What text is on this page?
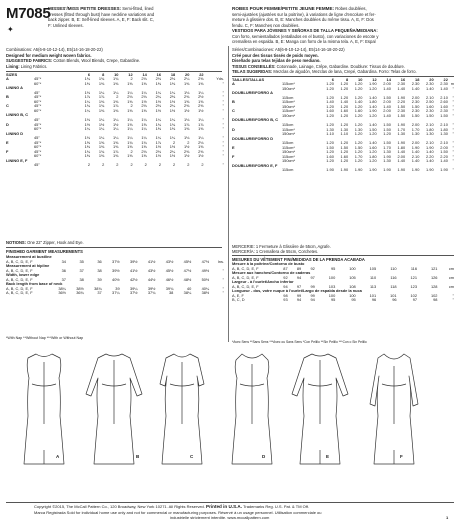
M7085
✦
MISSES'/MISS PETITE DRESSES: Semi-fitted, lined
dresses (fitted through bust) have neckline variations and
back zipper. B, E: Self-lined sleeves. A, E, F: Back slit. C,
F: Unlined sleeves.
ROBES POUR FEMME/PETITE JEUNE FEMME: Robes doublées,
semi-ajustées (ajustées sur la poitrine), à variations de ligne d'encolure et fer-
meture à glissière dos. B, E: Manches doublées du même tissu. A, E, F: Dos
fendu. C, F: Manches non doublées.
VESTIDOS PARA JÓVENES Y SEÑORAS DE TALLA PEQUEÑA/MEDIANA:
Con forro, semientallados (entallados en el busto), con variaciones de escote y
cremallera en espalda. B, E: Manga con forro de la misma tela. A, E, F: Espal
Combinations: A5(6-8-10-12-14), E5(14-16-18-20-22)
Designed for medium weight woven fabrics.
SUGGESTED FABRICS: Cotton Blends, Wool Blends, Crepe, Gabardine.
Lining: Lining Fabrics.
SIZES		6	8	10	12	14	16	18	20	22	
A	45"*	1¾	1¾	1¾	2	2⅛	2⅛	2⅛	2¼	2⅜	Yds.
	60"*	1⅜	1⅜	1⅜	1⅜	1⅜	1⅜	1⅜	1⅜	1⅜	"
LINING A											
	45"	1⅛	1¼	1¼	1¼	1¼	1¼	1¼	1⅛	1¼	"
B	45"*	1⅞	1⅞	2	2⅛	2⅛	2¼	2⅜	2⅜	2½	"
	60"*	1¼	1⅜	1⅜	1⅜	1½	1½	1½	1⅝	1⅝	"
C	45"*	1¾	1¾	1⅞	2	2⅛	2⅛	2¼	2⅜	2⅜	"
	60"*	1¼	1⅜	1⅜	1⅜	1⅜	1½	1½	1½	1½	"
LINING B, C											
	45"	1⅛	1¼	1¼	1¼	1¼	1¼	1¼	1⅛	1¼	"
D	45"*	1½	1½	1½	1⅝	1⅝	1¾	1¾	1⅞	1⅞	"
	60"*	1¼	1¼	1¼	1¼	1¼	1⅜	1⅜	1⅜	1⅜	"
LINING D											
	45"	1⅛	1¼	1¼	1¼	1¼	1¼	1¼	1⅛	1¼	"
E	45"*	1⅝	1⅝	1⅝	1¾	1¾	1⅞	2	2	2⅛	"
	60"*	1⅜	1⅜	1⅜	1⅜	1⅜	1½	1½	1½	1⅝	"
F	45"*	1¾	1¾	1⅞	2	2⅛	2⅛	2¼	2⅜	2⅜	"
	60"*	1⅜	1⅜	1⅜	1⅜	1⅜	1½	1½	1½	1½	"
LINING E, F											
	45"	2	2	2	2	2	2	2	2	2	"
NOTIONS: One 22" Zipper, Hook and Eye.
FINISHED GARMENT MEASUREMENTS
Measurement at bustline										
A, B, C, D, E, F	34	35	36	37½	39½	41½	43½	45½	47½	Ins.
Measurement at hipline										
A, B, C, D, E, F	36	37	38	39½	41½	43½	45½	47½	49½	"
Width, lower edge										
A, B, C, D, E, F	37	38	39	40½	42½	44½	46½	48½	50½	"
Back length from base of neck										
A, B, C, D, E, F	38¼	38½	38¾	39	39¼	39½	39¾	40	40¼	"
A, B, C, D, E, F	36½	36¾	37	37¼	37½	37¾	38	38¼	38½	"
*With Nap **Without Nap ***With or Without Nap
Séries/Combinaciones: A5(6-8-10-12-14), E5(14-16-18-20-22)
Créé pour des tissus tissés de poids moyen.
Diseñado para telas tejidas de peso mediano.
TISSUS CONSEILLÉS: Cotonnade, Lainage, Crêpe, Gabardine. Doublure: Tissus de doublure.
TELAS SUGERIDAS: Mezclas de algodón, Mezclas de lana, Crepé, Gabardina. Forro: Telas de forro.
TAILLES/TALLAS		6	8	10	12	14	16	18	20	22	
A	115cm*	1.20	1.20	1.20	1.90	2.00	2.30	2.30	2.30	2.30	m
	150cm*	1.20	1.20	1.20	1.20	1.40	1.40	1.40	1.40	1.40	"
DOUBLURE/FORRO A											
	115cm	1.20	1.20	1.20	1.40	1.50	1.90	2.00	2.10	2.10	"
B	115cm*	1.40	1.40	1.40	1.80	2.00	2.20	2.30	2.50	2.60	"
	150cm*	1.20	1.20	1.20	1.40	1.40	1.50	1.50	1.60	1.60	"
C	115cm*	1.60	1.60	1.60	1.90	2.00	2.30	2.30	2.30	2.30	"
	150cm*	1.20	1.20	1.20	1.20	1.40	1.50	1.50	1.50	1.50	"
DOUBLURE/FORRO B, C											
	115cm	1.20	1.20	1.20	1.40	1.50	1.90	2.00	2.10	2.10	"
D	115cm*	1.30	1.30	1.30	1.50	1.50	1.70	1.70	1.80	1.80	"
	150cm*	1.10	1.10	1.20	1.20	1.20	1.30	1.30	1.30	1.30	"
DOUBLURE/FORRO D											
	115cm	1.20	1.20	1.20	1.40	1.50	1.90	2.00	2.10	2.10	"
E	115cm*	1.50	1.50	1.50	1.60	1.70	1.80	1.90	1.90	2.00	"
	150cm*	1.20	1.20	1.20	1.20	1.30	1.40	1.40	1.40	1.50	"
F	115cm*	1.60	1.60	1.70	1.80	1.90	2.00	2.10	2.20	2.20	"
	150cm*	1.20	1.20	1.20	1.20	1.30	1.40	1.40	1.40	1.40	"
DOUBLURE/FORRO E, F											
	115cm	1.90	1.90	1.90	1.90	1.90	1.90	1.90	1.90	1.90	"
MERCERIE: 1 Fermeture à Glissière de 55cm, Agrafe.
MERCERÍA: 1 Cremallera de 55cm, Corchetes.
MESURES DU VÊTEMENT FINI/MEDIDAS DE LA PRENDA ACABADA
Mesure à la poitrine/Contorno de busto										
A, B, C, D, E, F	87	89	92	95	100	105	110	116	121	cm
Mesure aux hanches/Contorno de caderas										
A, B, C, D, E, F	92	94	97	100	105	110	116	121	126	cm
Largeur - à l'ourlet/Ancho inferior										
A, B, C, D, E, F	94	97	99	103	108	113	118	123	128	cm
Longueur - dos, votre nuque à l'ourlet/Largo de espalda desde la nuca										
A, E, F	98	99	99	100	100	101	101	102	102	"
B, C, D	93	94	94	95	95	96	96	97	98	"
*Avec Sens **Sans Sens ***Avec ou Sans Sens *Con Pelillo **Sin Pelillo ***Con o Sin Pelillo
A	B	C	D	E	F
Copyright ©2015, The McCall Pattern Co., 120 Broadway, New York 10271. All Rights Reserved. Printed in U.S.A. Trademarks Reg. U.S. Pat. & TM Off.
Marca Registrada Sold for individual home use only and not for commercial or manufacturing purposes. Réservé à un usage personnel. Utilisation commerciale ou
industrielle strictement interdite. www.mccallpattern.com	1
